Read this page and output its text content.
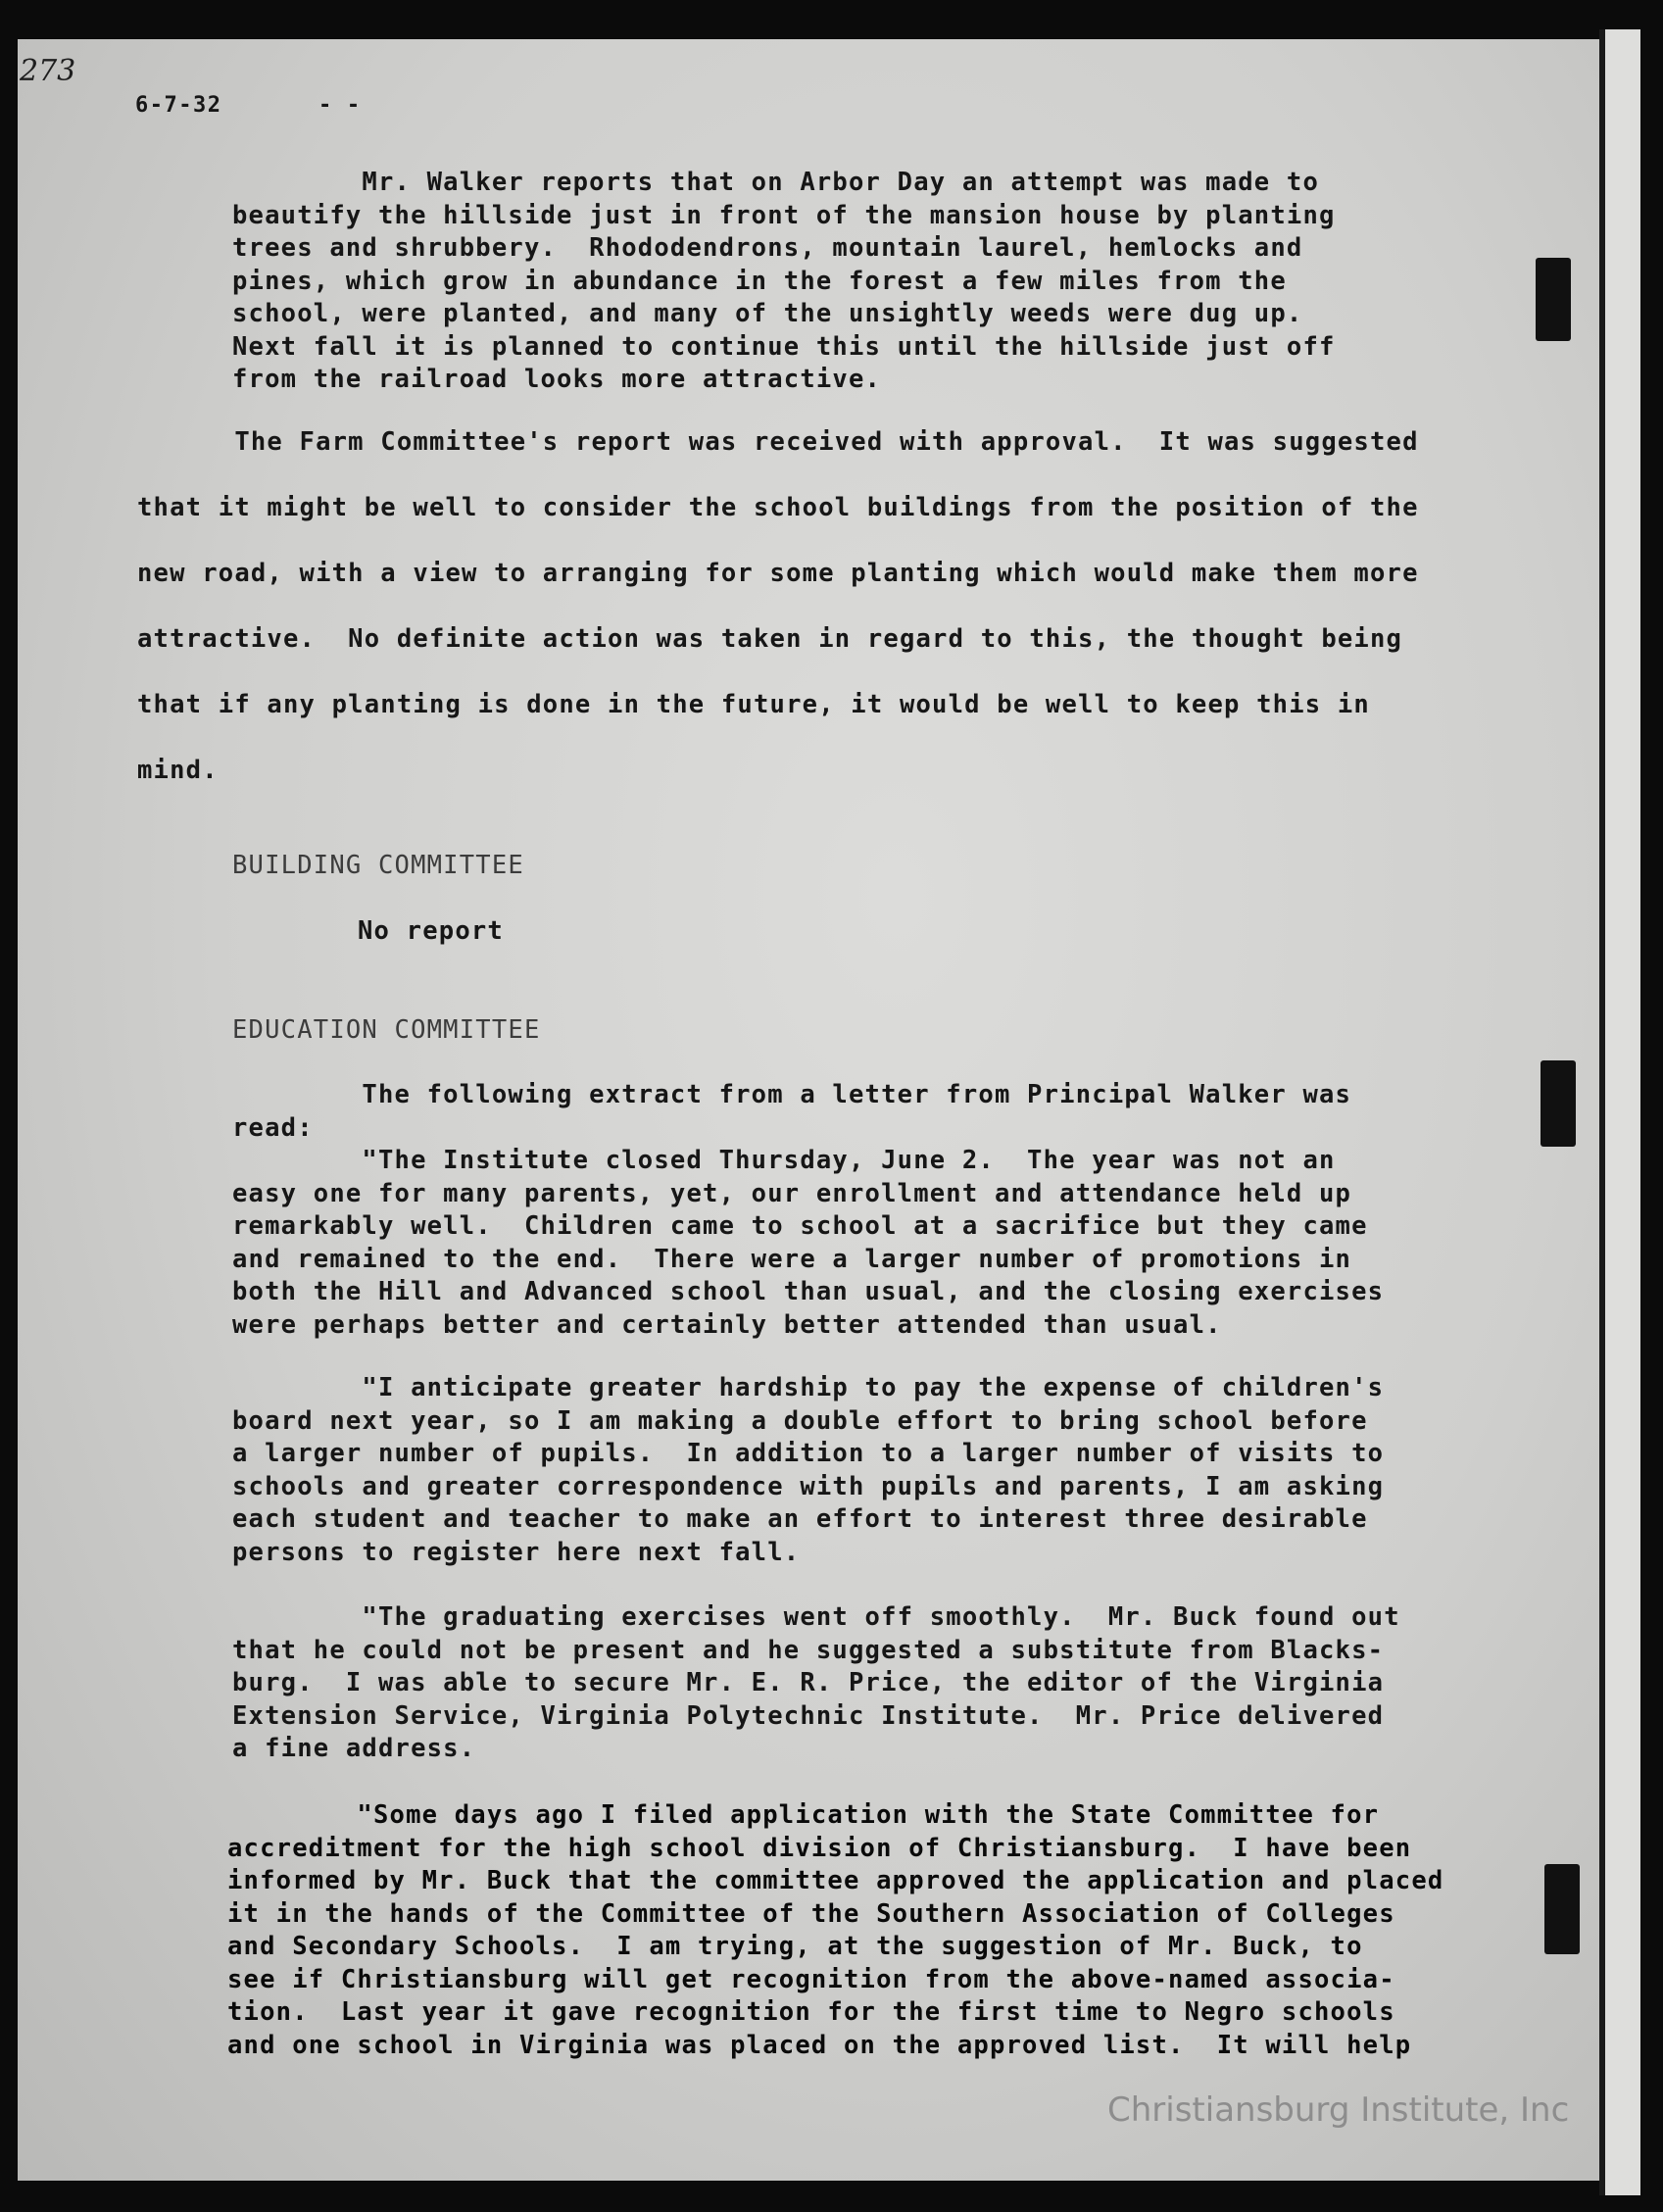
273
6-7-32	- -
Mr. Walker reports that on Arbor Day an attempt was made to
beautify the hillside just in front of the mansion house by planting
trees and shrubbery.  Rhododendrons, mountain laurel, hemlocks and
pines, which grow in abundance in the forest a few miles from the
school, were planted, and many of the unsightly weeds were dug up.
Next fall it is planned to continue this until the hillside just off
from the railroad looks more attractive.
The Farm Committee's report was received with approval.  It was suggested
that it might be well to consider the school buildings from the position of the
new road, with a view to arranging for some planting which would make them more
attractive.  No definite action was taken in regard to this, the thought being
that if any planting is done in the future, it would be well to keep this in
mind.
BUILDING COMMITTEE
No report
EDUCATION COMMITTEE
The following extract from a letter from Principal Walker was
read:
"The Institute closed Thursday, June 2.  The year was not an
easy one for many parents, yet, our enrollment and attendance held up
remarkably well.  Children came to school at a sacrifice but they came
and remained to the end.  There were a larger number of promotions in
both the Hill and Advanced school than usual, and the closing exercises
were perhaps better and certainly better attended than usual.
"I anticipate greater hardship to pay the expense of children's
board next year, so I am making a double effort to bring school before
a larger number of pupils.  In addition to a larger number of visits to
schools and greater correspondence with pupils and parents, I am asking
each student and teacher to make an effort to interest three desirable
persons to register here next fall.
"The graduating exercises went off smoothly.  Mr. Buck found out
that he could not be present and he suggested a substitute from Blacks-
burg.  I was able to secure Mr. E. R. Price, the editor of the Virginia
Extension Service, Virginia Polytechnic Institute.  Mr. Price delivered
a fine address.
"Some days ago I filed application with the State Committee for
accreditment for the high school division of Christiansburg.  I have been
informed by Mr. Buck that the committee approved the application and placed
it in the hands of the Committee of the Southern Association of Colleges
and Secondary Schools.  I am trying, at the suggestion of Mr. Buck, to
see if Christiansburg will get recognition from the above-named associa-
tion.  Last year it gave recognition for the first time to Negro schools
and one school in Virginia was placed on the approved list.  It will help
Christiansburg Institute, Inc
